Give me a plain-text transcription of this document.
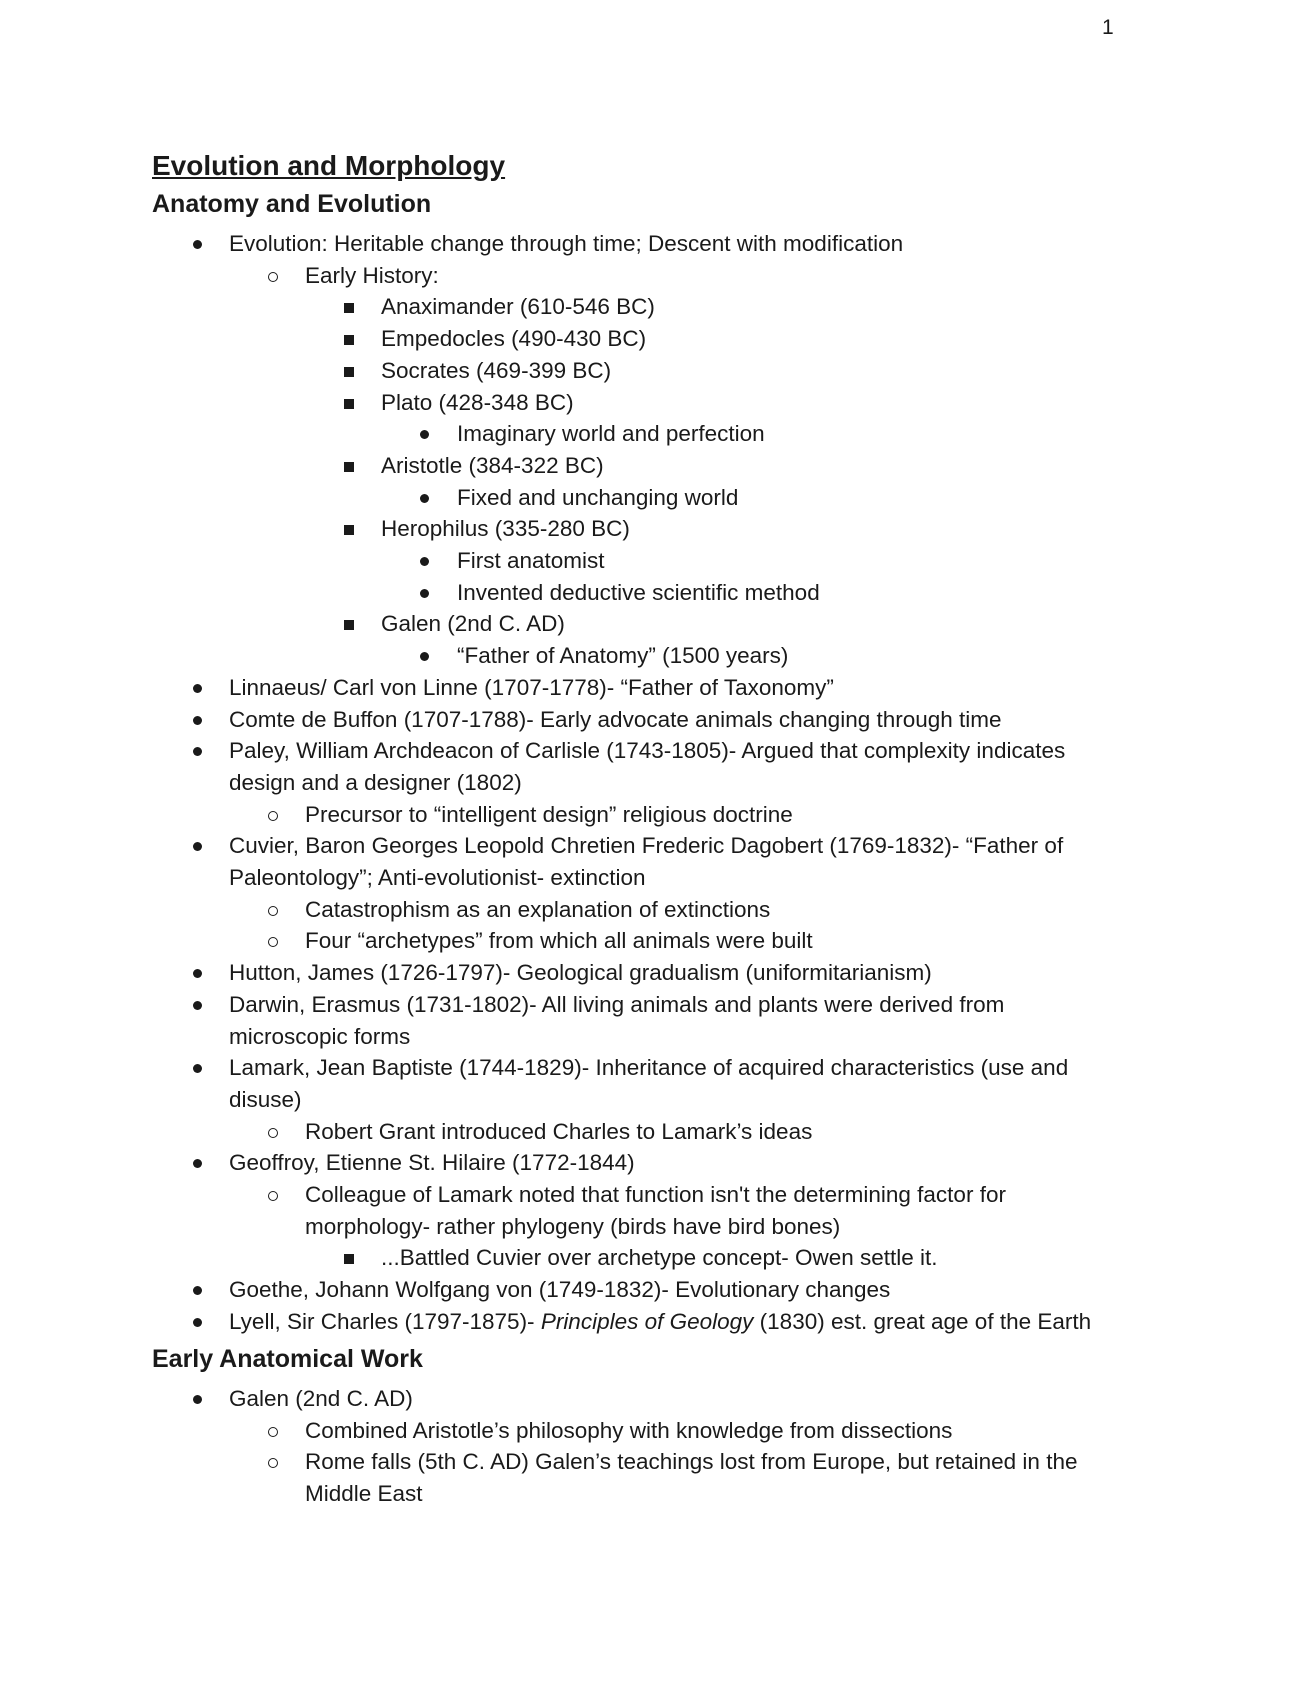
1
Evolution and Morphology
Anatomy and Evolution
Evolution: Heritable change through time; Descent with modification
Early History:
Anaximander (610-546 BC)
Empedocles (490-430 BC)
Socrates (469-399 BC)
Plato (428-348 BC)
Imaginary world and perfection
Aristotle (384-322 BC)
Fixed and unchanging world
Herophilus (335-280 BC)
First anatomist
Invented deductive scientific method
Galen (2nd C. AD)
“Father of Anatomy” (1500 years)
Linnaeus/ Carl von Linne (1707-1778)- “Father of Taxonomy”
Comte de Buffon (1707-1788)- Early advocate animals changing through time
Paley, William Archdeacon of Carlisle (1743-1805)- Argued that complexity indicates
design and a designer (1802)
Precursor to “intelligent design” religious doctrine
Cuvier, Baron Georges Leopold Chretien Frederic Dagobert (1769-1832)- “Father of
Paleontology”; Anti-evolutionist- extinction
Catastrophism as an explanation of extinctions
Four “archetypes” from which all animals were built
Hutton, James (1726-1797)- Geological gradualism (uniformitarianism)
Darwin, Erasmus (1731-1802)- All living animals and plants were derived from
microscopic forms
Lamark, Jean Baptiste (1744-1829)- Inheritance of acquired characteristics (use and
disuse)
Robert Grant introduced Charles to Lamark’s ideas
Geoffroy, Etienne St. Hilaire (1772-1844)
Colleague of Lamark noted that function isn't the determining factor for
morphology- rather phylogeny (birds have bird bones)
...Battled Cuvier over archetype concept- Owen settle it.
Goethe, Johann Wolfgang von (1749-1832)- Evolutionary changes
Lyell, Sir Charles (1797-1875)- Principles of Geology (1830) est. great age of the Earth
Early Anatomical Work
Galen (2nd C. AD)
Combined Aristotle’s philosophy with knowledge from dissections
Rome falls (5th C. AD) Galen’s teachings lost from Europe, but retained in the
Middle East
